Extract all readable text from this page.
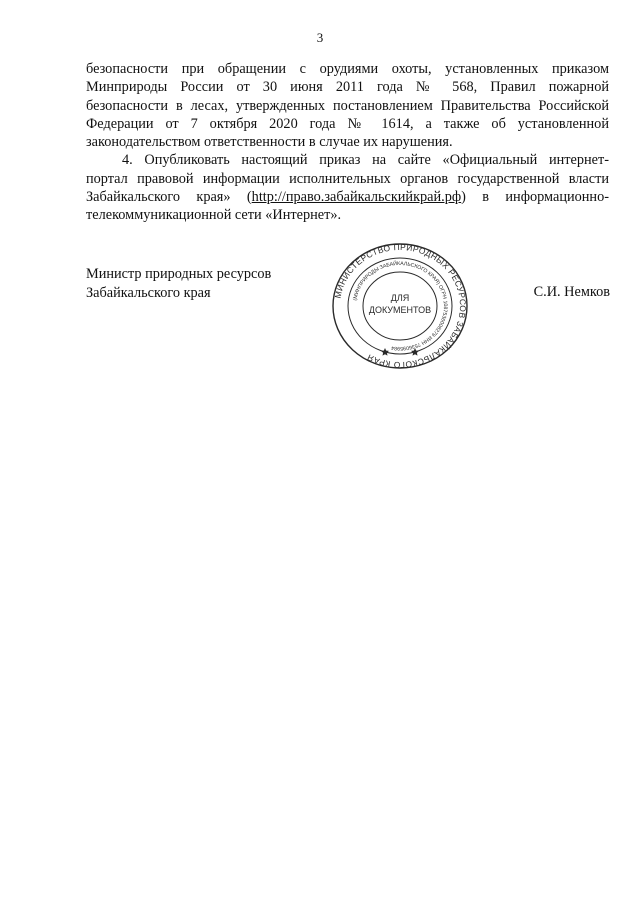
3

безопасности при обращении с орудиями охоты, установленных приказом
Минприроды России от 30 июня 2011 года № 568, Правил пожарной
безопасности в лесах, утвержденных постановлением Правительства Российской
Федерации от 7 октября 2020 года № 1614, а также об установленной
законодательством ответственности в случае их нарушения.

4. Опубликовать настоящий приказ на сайте «Официальный интернет-
портал правовой информации исполнительных органов государственной власти
Забайкальского края» (http://право.забайкальскийкрай.рф) в информационно-
телекоммуникационной сети «Интернет».

Министр природных ресурсов
Забайкальского края	МИНИСТЕРСТВО ПРИРОДНЫХ РЕСУРСОВ ЗАБАЙКАЛЬСКОГО КРАЯ
(МИНПРИРОДЫ ЗАБАЙКАЛЬСКОГО КРАЯ) ОГРН 1087536008279 ИНН 7536095984
ДЛЯ
ДОКУМЕНТОВ
С.И. Немков
